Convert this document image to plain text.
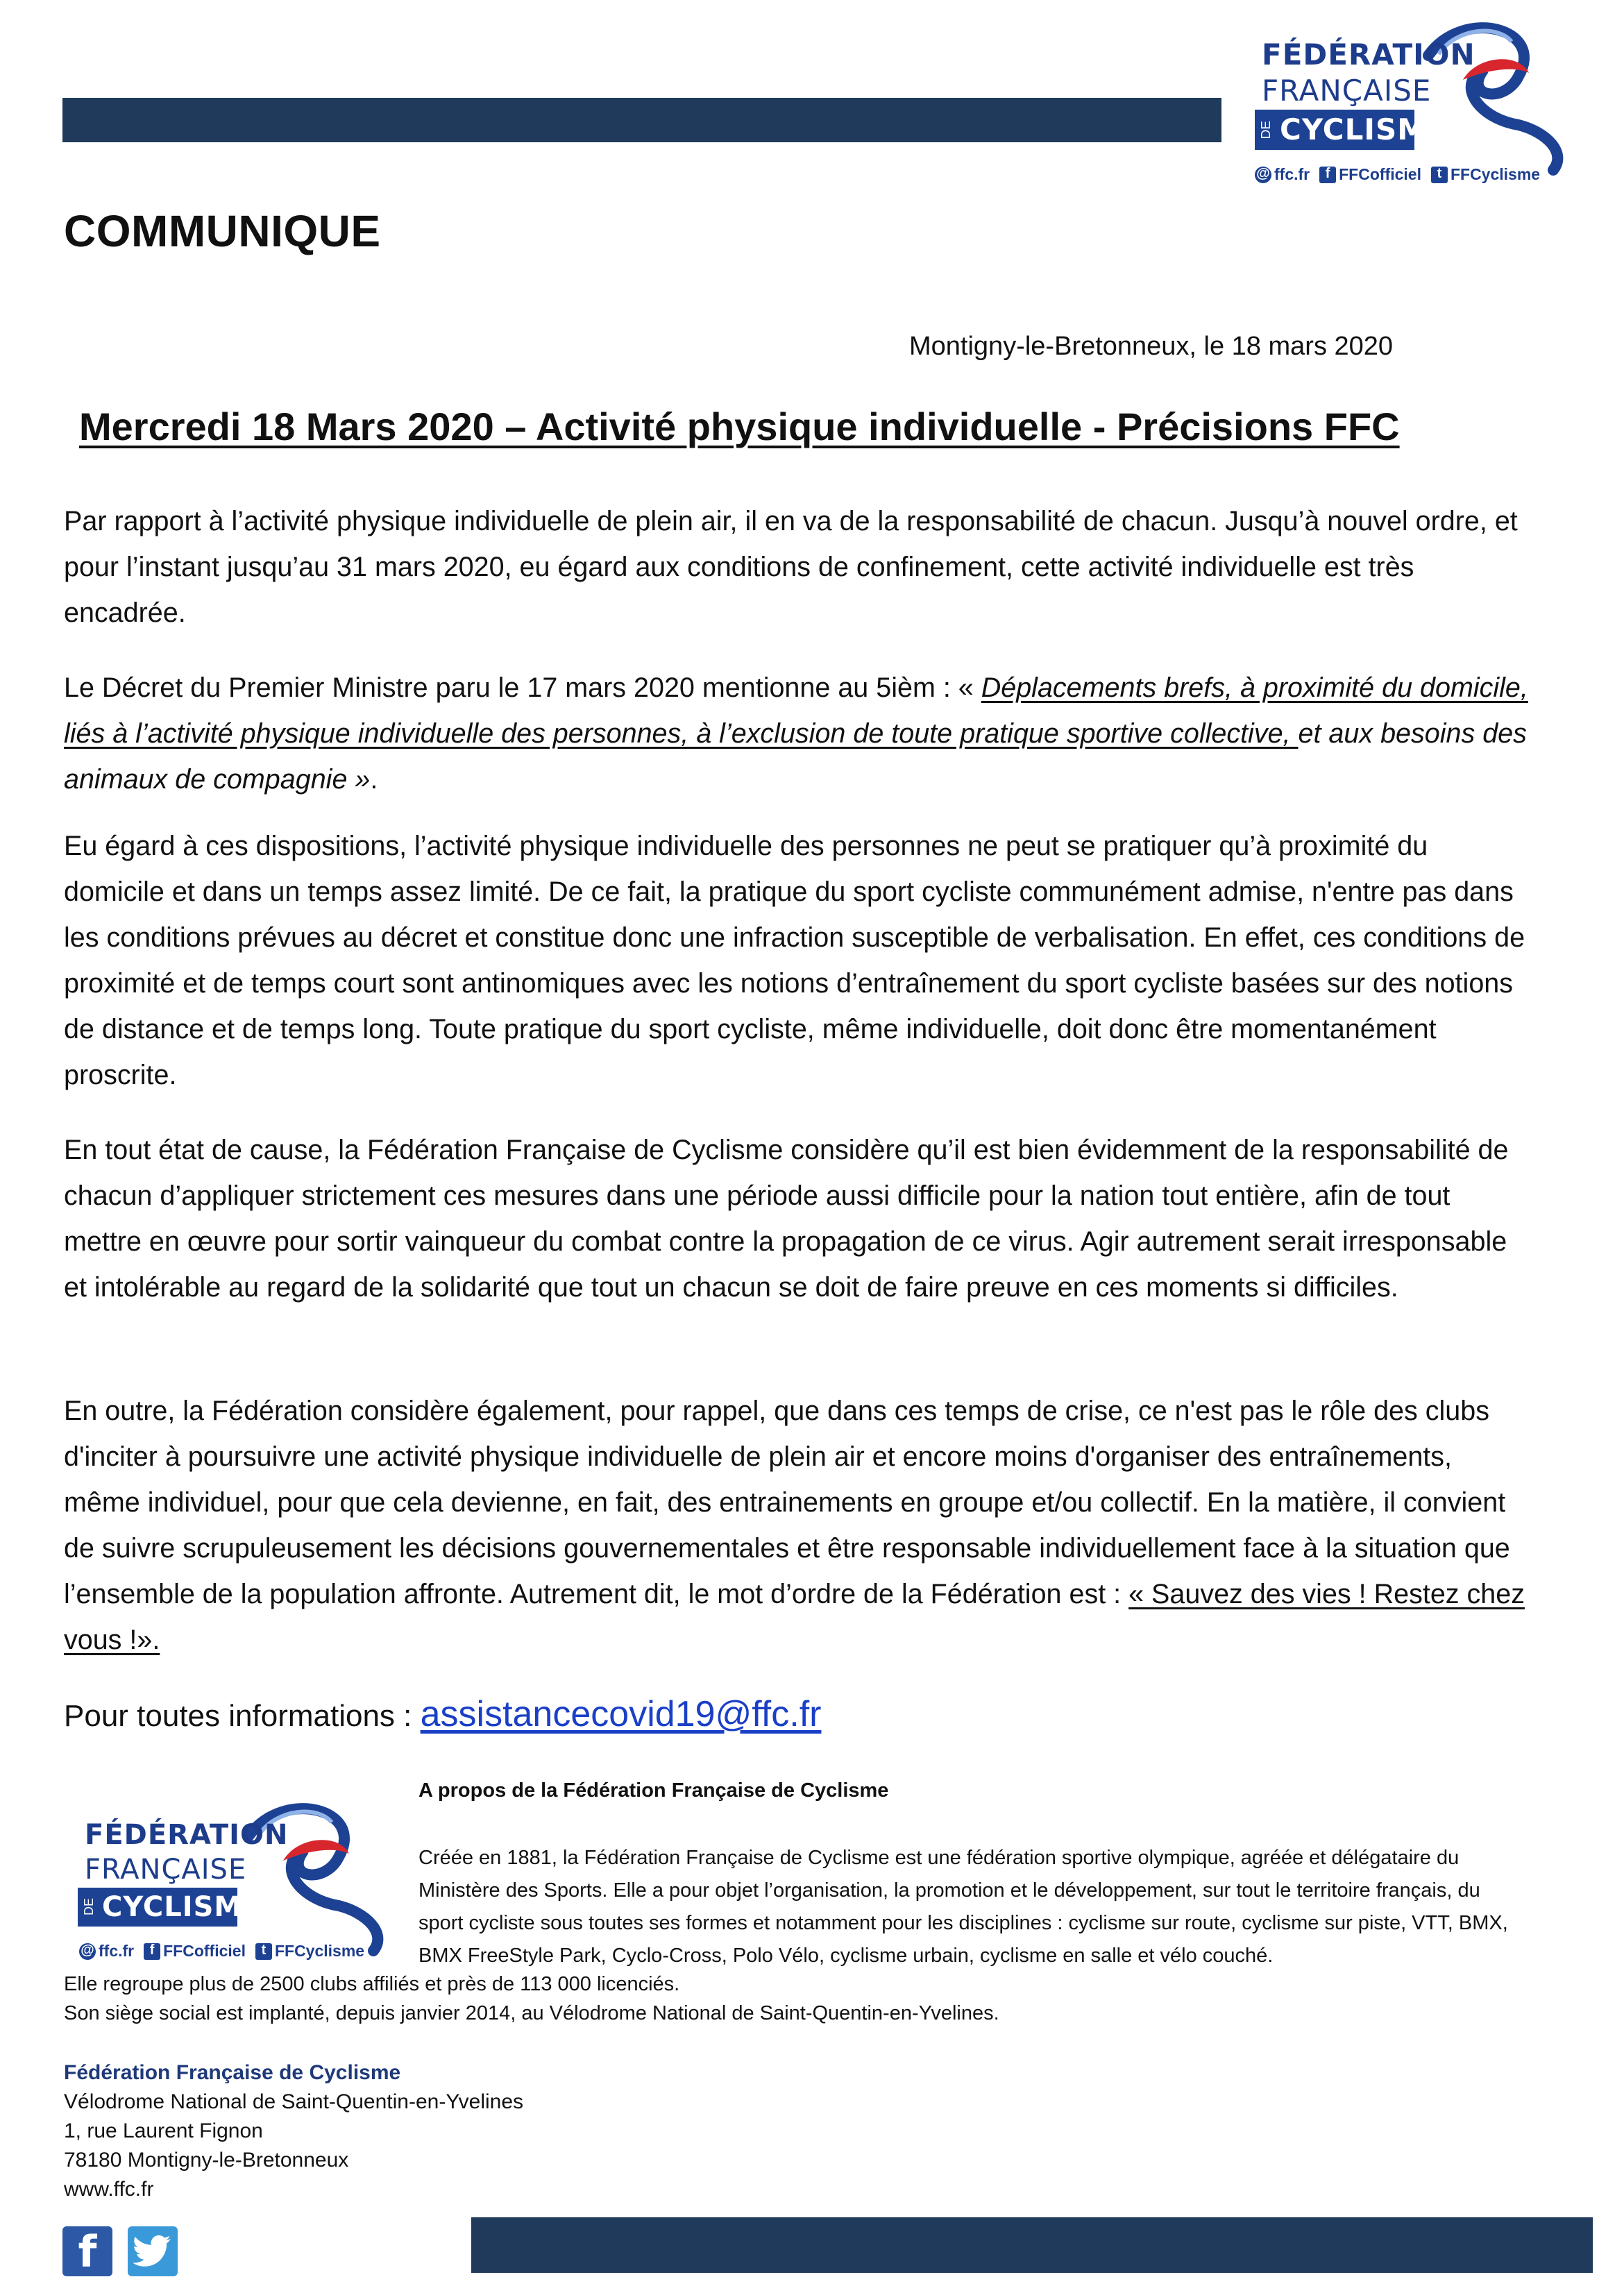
FÉDÉRATION
FRANÇAISE
DE CYCLISME
@ ffc.fr	f FFCofficiel	t FFCyclisme
COMMUNIQUE
Montigny-le-Bretonneux, le 18 mars 2020
Mercredi 18 Mars 2020 – Activité physique individuelle - Précisions FFC

Par rapport à l’activité physique individuelle de plein air, il en va de la responsabilité de chacun. Jusqu’à nouvel ordre, et pour l’instant jusqu’au 31 mars 2020, eu égard aux conditions de confinement, cette activité individuelle est très encadrée.

Le Décret du Premier Ministre paru le 17 mars 2020 mentionne au 5ièm : « Déplacements brefs, à proximité du domicile, liés à l’activité physique individuelle des personnes, à l’exclusion de toute pratique sportive collective, et aux besoins des animaux de compagnie ».

Eu égard à ces dispositions, l’activité physique individuelle des personnes ne peut se pratiquer qu’à proximité du domicile et dans un temps assez limité. De ce fait, la pratique du sport cycliste communément admise, n'entre pas dans les conditions prévues au décret et constitue donc une infraction susceptible de verbalisation. En effet, ces conditions de proximité et de temps court sont antinomiques avec les notions d’entraînement du sport cycliste basées sur des notions de distance et de temps long. Toute pratique du sport cycliste, même individuelle, doit donc être momentanément proscrite.

En tout état de cause, la Fédération Française de Cyclisme considère qu’il est bien évidemment de la responsabilité de chacun d’appliquer strictement ces mesures dans une période aussi difficile pour la nation tout entière, afin de tout mettre en œuvre pour sortir vainqueur du combat contre la propagation de ce virus. Agir autrement serait irresponsable et intolérable au regard de la solidarité que tout un chacun se doit de faire preuve en ces moments si difficiles.

En outre, la Fédération considère également, pour rappel, que dans ces temps de crise, ce n'est pas le rôle des clubs d'inciter à poursuivre une activité physique individuelle de plein air et encore moins d'organiser des entraînements, même individuel, pour que cela devienne, en fait, des entrainements en groupe et/ou collectif. En la matière, il convient de suivre scrupuleusement les décisions gouvernementales et être responsable individuellement face à la situation que l’ensemble de la population affronte. Autrement dit, le mot d’ordre de la Fédération est : « Sauvez des vies ! Restez chez vous !».

Pour toutes informations : assistancecovid19@ffc.fr
FÉDÉRATION
FRANÇAISE
DE CYCLISME
@ ffc.fr	f FFCofficiel	t FFCyclisme
A propos de la Fédération Française de Cyclisme
Créée en 1881, la Fédération Française de Cyclisme est une fédération sportive olympique, agréée et délégataire du Ministère des Sports. Elle a pour objet l’organisation, la promotion et le développement, sur tout le territoire français, du sport cycliste sous toutes ses formes et notamment pour les disciplines : cyclisme sur route, cyclisme sur piste, VTT, BMX, BMX FreeStyle Park, Cyclo-Cross, Polo Vélo, cyclisme urbain, cyclisme en salle et vélo couché.
Elle regroupe plus de 2500 clubs affiliés et près de 113 000 licenciés.
Son siège social est implanté, depuis janvier 2014, au Vélodrome National de Saint-Quentin-en-Yvelines.
Fédération Française de Cyclisme
Vélodrome National de Saint-Quentin-en-Yvelines
1, rue Laurent Fignon
78180 Montigny-le-Bretonneux
www.ffc.fr
f
